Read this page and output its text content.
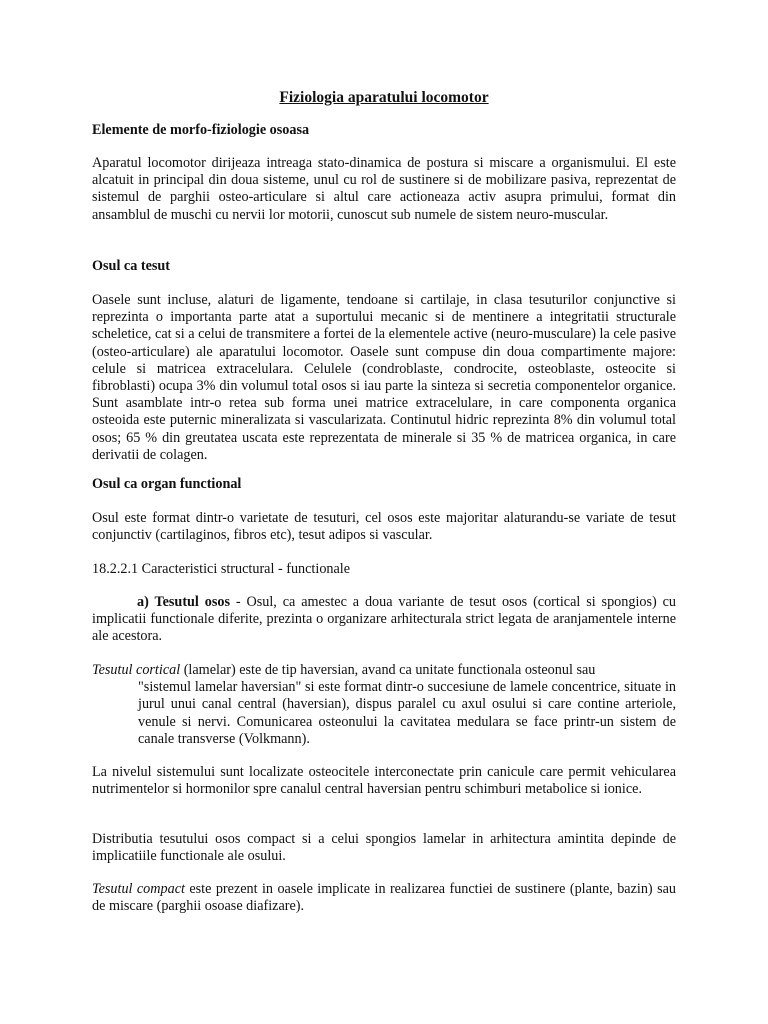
Fiziologia aparatului locomotor

Elemente de morfo-fiziologie osoasa

Aparatul locomotor dirijeaza intreaga stato-dinamica de postura si miscare a organismului. El este alcatuit in principal din doua sisteme, unul cu rol de sustinere si de mobilizare pasiva, reprezentat de sistemul de parghii osteo-articulare si altul care actioneaza activ asupra primului, format din ansamblul de muschi cu nervii lor motorii, cunoscut sub numele de sistem neuro-muscular.

Osul ca tesut

Oasele sunt incluse, alaturi de ligamente, tendoane si cartilaje, in clasa tesuturilor conjunctive si reprezinta o importanta parte atat a suportului mecanic si de mentinere a integritatii structurale scheletice, cat si a celui de transmitere a fortei de la elementele active (neuro-musculare) la cele pasive (osteo-articulare) ale aparatului locomotor. Oasele sunt compuse din doua compartimente majore: celule si matricea extracelulara. Celulele (condroblaste, condrocite, osteoblaste, osteocite si fibroblasti) ocupa 3% din volumul total osos si iau parte la sinteza si secretia componentelor organice. Sunt asamblate intr-o retea sub forma unei matrice extracelulare, in care componenta organica osteoida este puternic mineralizata si vascularizata. Continutul hidric reprezinta 8% din volumul total osos; 65 % din greutatea uscata este reprezentata de minerale si 35 % de matricea organica, in care derivatii de colagen.

Osul ca organ functional

Osul este format dintr-o varietate de tesuturi, cel osos este majoritar alaturandu-se variate de tesut conjunctiv (cartilaginos, fibros etc), tesut adipos si vascular.

18.2.2.1 Caracteristici structural - functionale

a) Tesutul osos - Osul, ca amestec a doua variante de tesut osos (cortical si spongios) cu implicatii functionale diferite, prezinta o organizare arhitecturala strict legata de aranjamentele interne ale acestora.

Tesutul cortical (lamelar) este de tip haversian, avand ca unitate functionala osteonul sau
"sistemul lamelar haversian" si este format dintr-o succesiune de lamele concentrice, situate in jurul unui canal central (haversian), dispus paralel cu axul osului si care contine arteriole, venule si nervi. Comunicarea osteonului la cavitatea medulara se face printr-un sistem de canale transverse (Volkmann).

La nivelul sistemului sunt localizate osteocitele interconectate prin canicule care permit vehicularea nutrimentelor si hormonilor spre canalul central haversian pentru schimburi metabolice si ionice.

Distributia tesutului osos compact si a celui spongios lamelar in arhitectura amintita depinde de implicatiile functionale ale osului.

Tesutul compact este prezent in oasele implicate in realizarea functiei de sustinere (plante, bazin) sau de miscare (parghii osoase diafizare).
